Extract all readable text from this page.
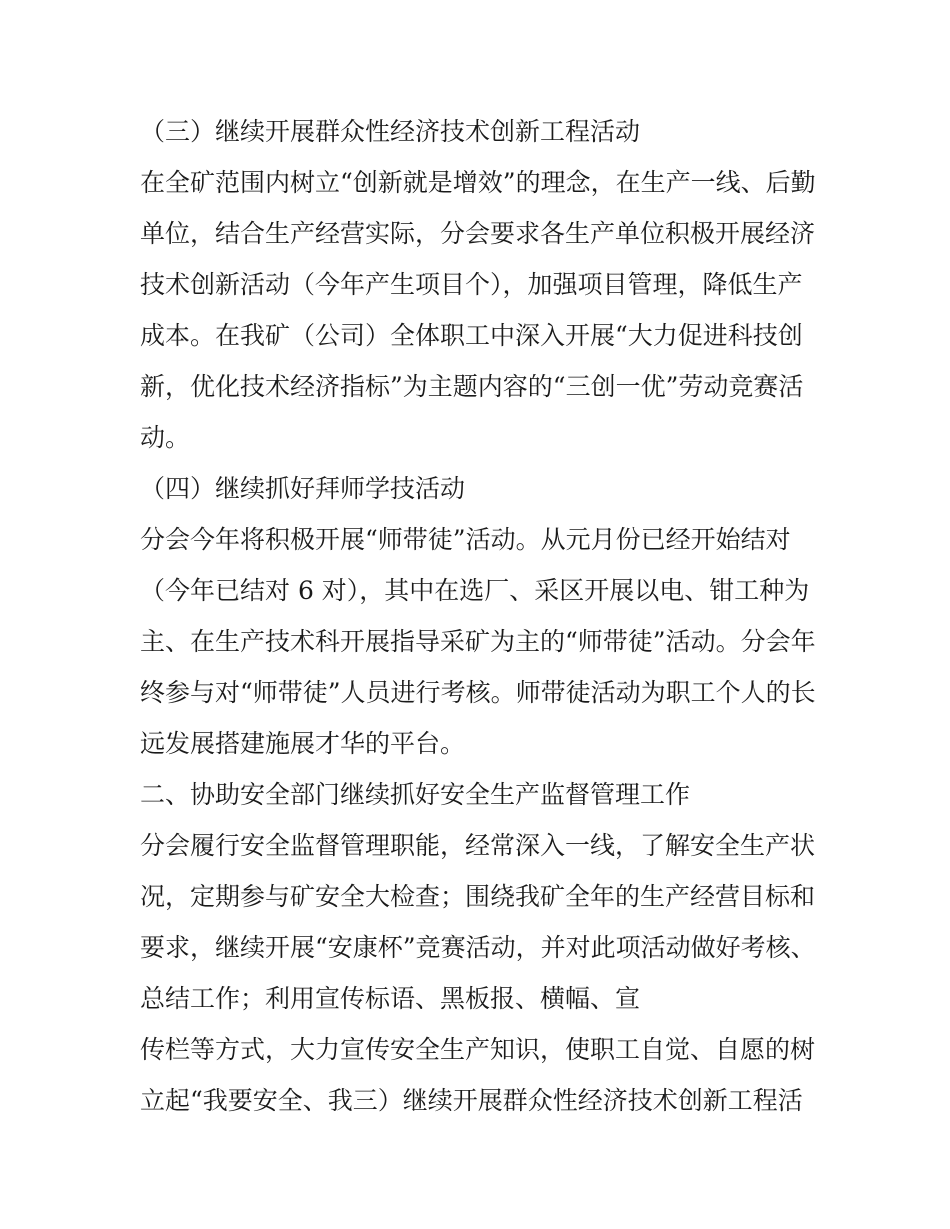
（三）继续开展群众性经济技术创新工程活动
在全矿范围内树立“创新就是增效”的理念，在生产一线、后勤
单位，结合生产经营实际，分会要求各生产单位积极开展经济
技术创新活动（今年产生项目个），加强项目管理，降低生产
成本。在我矿（公司）全体职工中深入开展“大力促进科技创
新，优化技术经济指标”为主题内容的“三创一优”劳动竞赛活
动。
（四）继续抓好拜师学技活动
分会今年将积极开展“师带徒”活动。从元月份已经开始结对
（今年已结对 6 对），其中在选厂、采区开展以电、钳工种为
主、在生产技术科开展指导采矿为主的“师带徒”活动。分会年
终参与对“师带徒”人员进行考核。师带徒活动为职工个人的长
远发展搭建施展才华的平台。
二、协助安全部门继续抓好安全生产监督管理工作
分会履行安全监督管理职能，经常深入一线，了解安全生产状
况，定期参与矿安全大检查；围绕我矿全年的生产经营目标和
要求，继续开展“安康杯”竞赛活动，并对此项活动做好考核、
总结工作；利用宣传标语、黑板报、横幅、宣
传栏等方式，大力宣传安全生产知识，使职工自觉、自愿的树
立起“我要安全、我三）继续开展群众性经济技术创新工程活
